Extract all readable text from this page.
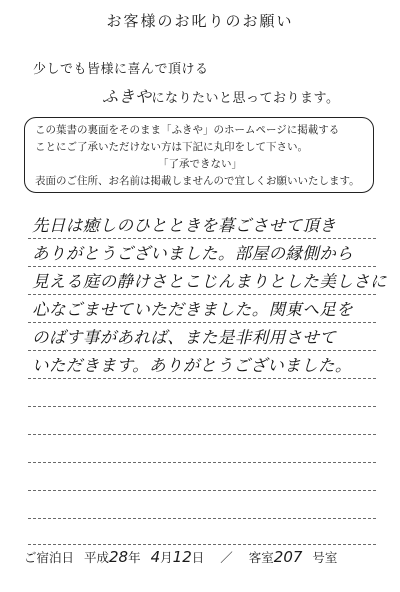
お客様のお叱りのお願い
少しでも皆様に喜んで頂ける
ふきやになりたいと思っております。
この葉書の裏面をそのまま「ふきや」のホームページに掲載する
ことにご了承いただけない方は下記に丸印をして下さい。
「了承できない」
表面のご住所、お名前は掲載しませんので宜しくお願いいたします。
先日は癒しのひとときを暮ごさせて頂き
ありがとうございました。部屋の縁側から
見える庭の静けさとこじんまりとした美しさに
心なごませていただきました。関東へ足を
のばす事があれば、また是非利用させて
いただきます。ありがとうございました。
ご宿泊日 平成28年 4月12日 ／ 客室207 号室
